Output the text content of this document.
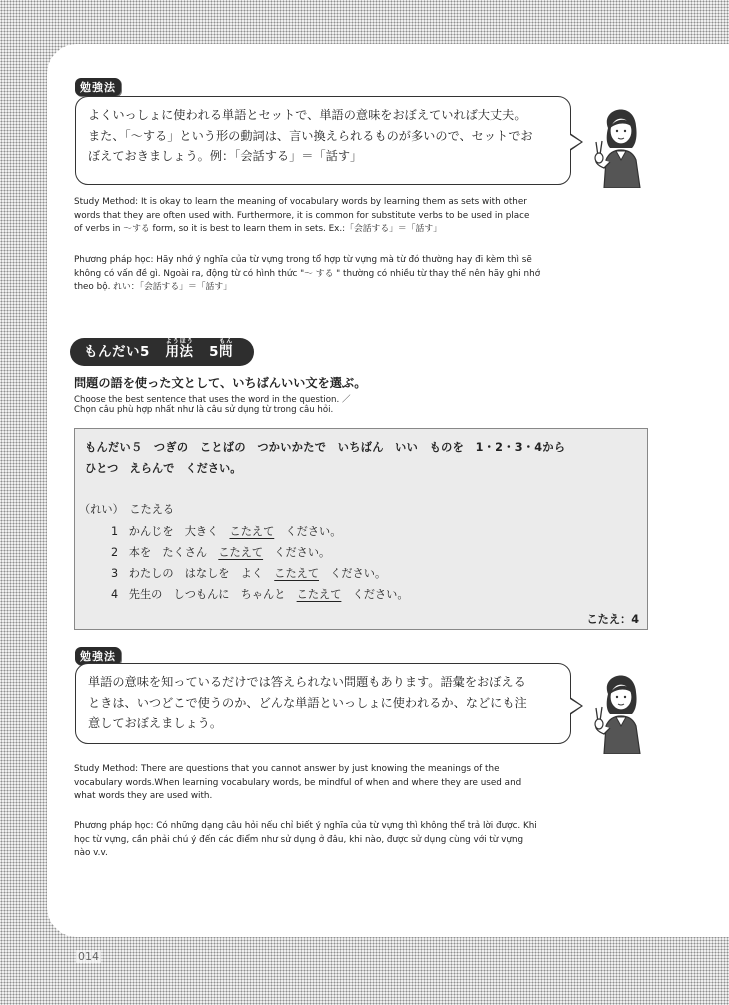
勉強法
よくいっしょに使われる単語とセットで、単語の意味をおぼえていれば大丈夫。
また、「～する」という形の動詞は、言い換えられるものが多いので、セットでお
ぼえておきましょう。例：「会話する」＝「話す」
Study Method: It is okay to learn the meaning of vocabulary words by learning them as sets with other
words that they are often used with. Furthermore, it is common for substitute verbs to be used in place
of verbs in ～する form, so it is best to learn them in sets. Ex.:「会話する」＝「話す」
Phương pháp học: Hãy nhớ ý nghĩa của từ vựng trong tổ hợp từ vựng mà từ đó thường hay đi kèm thì sẽ
không có vấn đề gì. Ngoài ra, động từ có hình thức "～ する " thường có nhiều từ thay thế nên hãy ghi nhớ
theo bộ. れい：「会話する」＝「話す」
もんだい5 用法ようほう   5問もん
問題の語を使った文として、いちばんいい文を選ぶ。
Choose the best sentence that uses the word in the question. ／
Chọn câu phù hợp nhất như là câu sử dụng từ trong câu hỏi.
もんだい５　つぎの　ことばの　つかいかたで　いちばん　いい　ものを　1・2・3・4から
ひとつ　えらんで　ください。
（れい）　こたえる
1 かんじを　大きく　こたえて　ください。
2 本を　たくさん　こたえて　ください。
3 わたしの　はなしを　よく　こたえて　ください。
4 先生の　しつもんに　ちゃんと　こたえて　ください。
こたえ：4
勉強法
単語の意味を知っているだけでは答えられない問題もあります。語彙をおぼえる
ときは、いつどこで使うのか、どんな単語といっしょに使われるか、などにも注
意しておぼえましょう。
Study Method: There are questions that you cannot answer by just knowing the meanings of the
vocabulary words.When learning vocabulary words, be mindful of when and where they are used and
what words they are used with.
Phương pháp học: Có những dạng câu hỏi nếu chỉ biết ý nghĩa của từ vựng thì không thể trả lời được. Khi
học từ vựng, cần phải chú ý đến các điểm như sử dụng ở đâu, khi nào, được sử dụng cùng với từ vựng
nào v.v.
014
